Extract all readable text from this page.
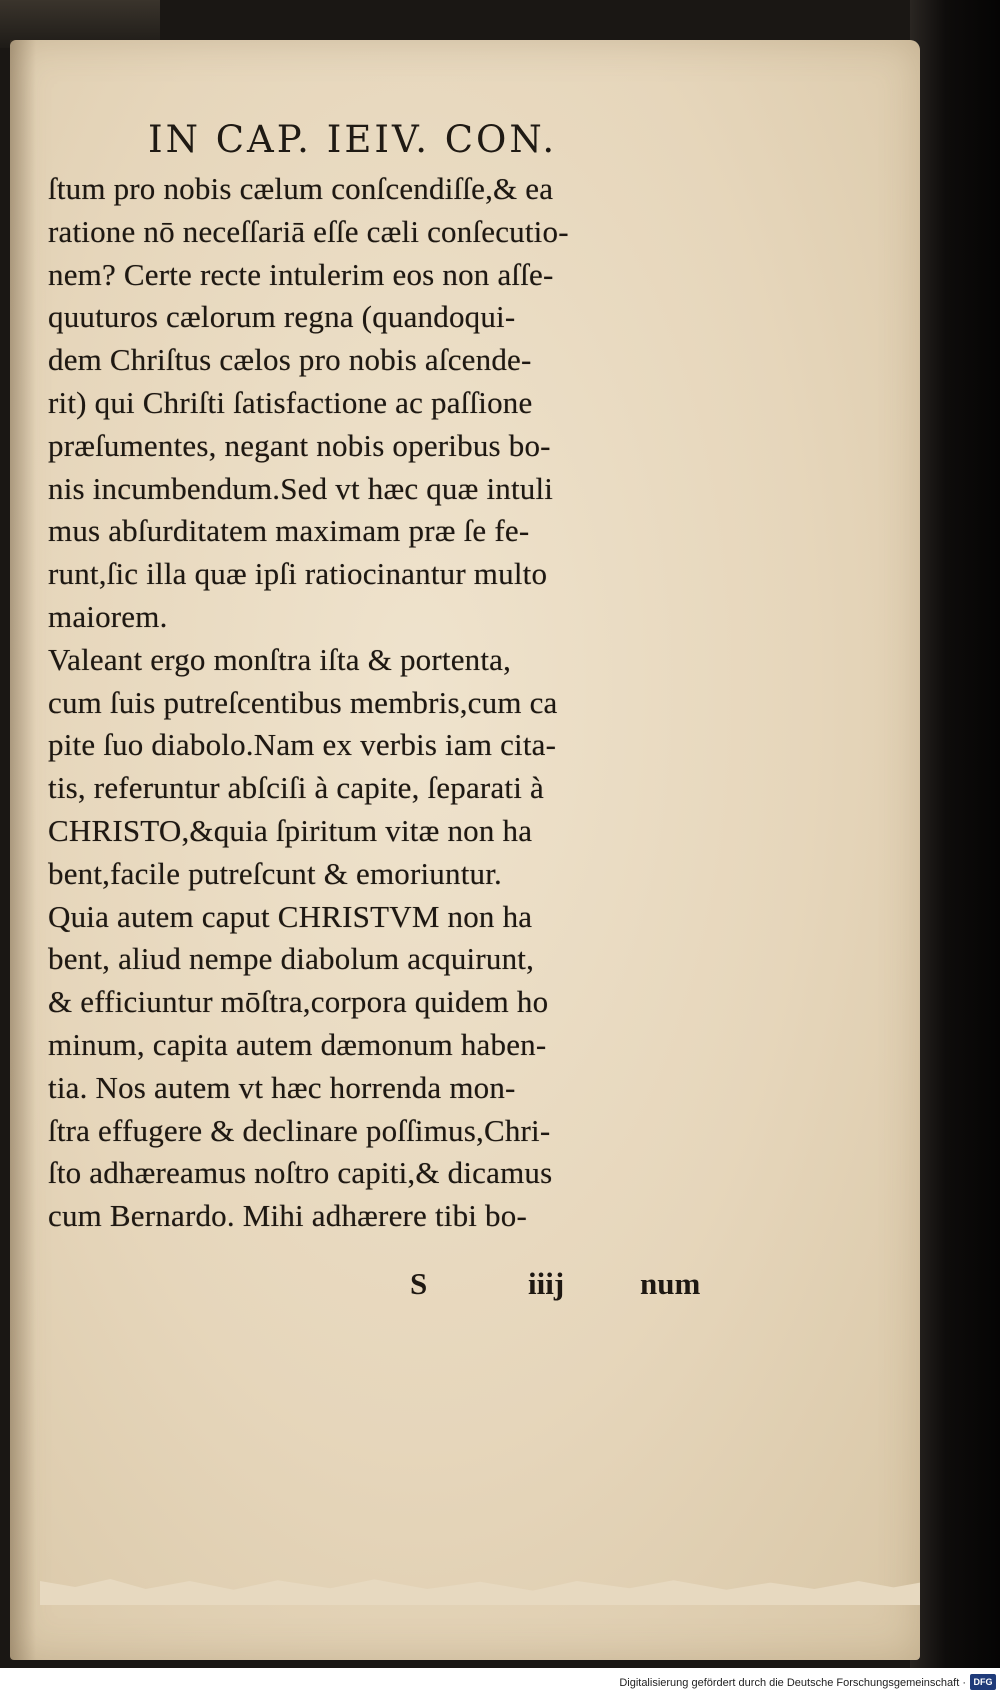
IN CAP. IEIV. CON.
ſtum pro nobis cælum conſcendiſſe,& ea
ratione nō neceſſariā eſſe cæli conſecutio-
nem? Certe recte intulerim eos non aſſe-
quuturos cælorum regna (quandoqui-
dem Chriſtus cælos pro nobis aſcende-
rit) qui Chriſti ſatisfactione ac paſſione
præſumentes, negant nobis operibus bo-
nis incumbendum.Sed vt hæc quæ intuli
mus abſurditatem maximam præ ſe fe-
runt,ſic illa quæ ipſi ratiocinantur multo
maiorem.
Valeant ergo monſtra iſta & portenta,
cum ſuis putreſcentibus membris,cum ca
pite ſuo diabolo.Nam ex verbis iam cita-
tis, referuntur abſciſi à capite, ſeparati à
CHRISTO,&quia ſpiritum vitæ non ha
bent,facile putreſcunt & emoriuntur.
Quia autem caput CHRISTVM non ha
bent, aliud nempe diabolum acquirunt,
& efficiuntur mōſtra,corpora quidem ho
minum, capita autem dæmonum haben-
tia. Nos autem vt hæc horrenda mon-
ſtra effugere & declinare poſſimus,Chri-
ſto adhæreamus noſtro capiti,& dicamus
cum Bernardo. Mihi adhærere tibi bo-
S	iiij num
Digitalisierung gefördert durch die Deutsche Forschungsgemeinschaft · DFG
